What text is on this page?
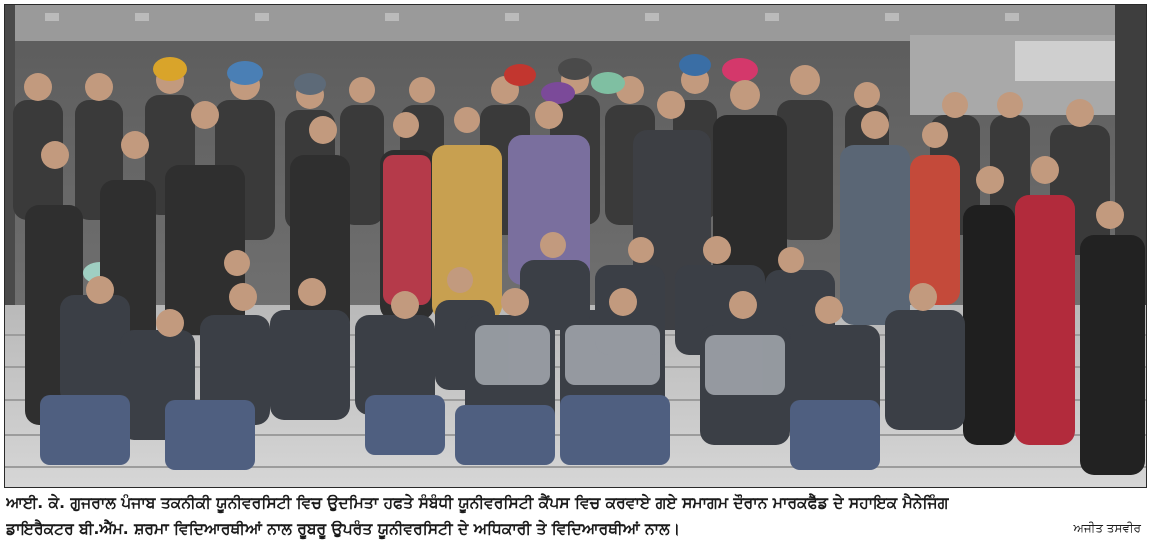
ਆਈ. ਕੇ. ਗੁਜਰਾਲ ਪੰਜਾਬ ਤਕਨੀਕੀ ਯੂਨੀਵਰਸਿਟੀ ਵਿਚ ਉਦਮਿਤਾ ਹਫਤੇ ਸੰਬੰਧੀ ਯੂਨੀਵਰਸਿਟੀ ਕੈਂਪਸ ਵਿਚ ਕਰਵਾਏ ਗਏ ਸਮਾਗਮ ਦੌਰਾਨ ਮਾਰਕਫੈੱਡ ਦੇ ਸਹਾਇਕ ਮੈਨੇਜਿੰਗ
ਡਾਇਰੈਕਟਰ ਬੀ.ਐੱਮ. ਸ਼ਰਮਾ ਵਿਦਿਆਰਥੀਆਂ ਨਾਲ ਰੂਬਰੂ ਉਪਰੰਤ ਯੂਨੀਵਰਸਿਟੀ ਦੇ ਅਧਿਕਾਰੀ ਤੇ ਵਿਦਿਆਰਥੀਆਂ ਨਾਲ।	ਅਜੀਤ ਤਸਵੀਰ
